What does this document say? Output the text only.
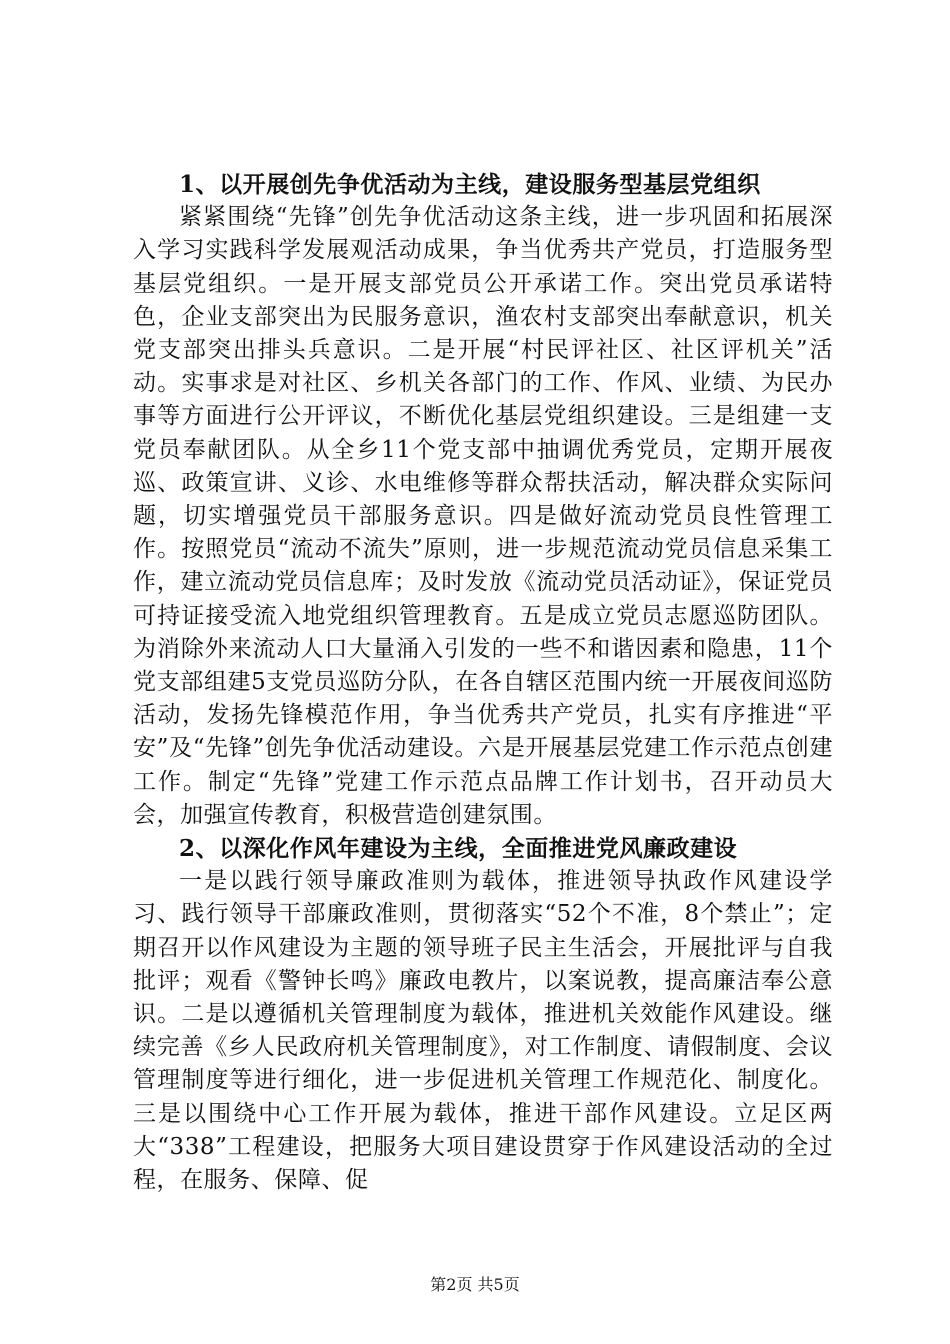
1、以开展创先争优活动为主线，建设服务型基层党组织

紧紧围绕“先锋”创先争优活动这条主线，进一步巩固和拓展深入学习实践科学发展观活动成果，争当优秀共产党员，打造服务型基层党组织。一是开展支部党员公开承诺工作。突出党员承诺特色，企业支部突出为民服务意识，渔农村支部突出奉献意识，机关党支部突出排头兵意识。二是开展“村民评社区、社区评机关”活动。实事求是对社区、乡机关各部门的工作、作风、业绩、为民办事等方面进行公开评议，不断优化基层党组织建设。三是组建一支党员奉献团队。从全乡11个党支部中抽调优秀党员，定期开展夜巡、政策宣讲、义诊、水电维修等群众帮扶活动，解决群众实际问题，切实增强党员干部服务意识。四是做好流动党员良性管理工作。按照党员“流动不流失”原则，进一步规范流动党员信息采集工作，建立流动党员信息库；及时发放《流动党员活动证》，保证党员可持证接受流入地党组织管理教育。五是成立党员志愿巡防团队。为消除外来流动人口大量涌入引发的一些不和谐因素和隐患，11个党支部组建5支党员巡防分队，在各自辖区范围内统一开展夜间巡防活动，发扬先锋模范作用，争当优秀共产党员，扎实有序推进“平安”及“先锋”创先争优活动建设。六是开展基层党建工作示范点创建工作。制定“先锋”党建工作示范点品牌工作计划书，召开动员大会，加强宣传教育，积极营造创建氛围。

2、以深化作风年建设为主线，全面推进党风廉政建设

一是以践行领导廉政准则为载体，推进领导执政作风建设学习、践行领导干部廉政准则，贯彻落实“52个不准，8个禁止”；定期召开以作风建设为主题的领导班子民主生活会，开展批评与自我批评；观看《警钟长鸣》廉政电教片，以案说教，提高廉洁奉公意识。二是以遵循机关管理制度为载体，推进机关效能作风建设。继续完善《乡人民政府机关管理制度》，对工作制度、请假制度、会议管理制度等进行细化，进一步促进机关管理工作规范化、制度化。三是以围绕中心工作开展为载体，推进干部作风建设。立足区两大“338”工程建设，把服务大项目建设贯穿于作风建设活动的全过程，在服务、保障、促

第2页 共5页
